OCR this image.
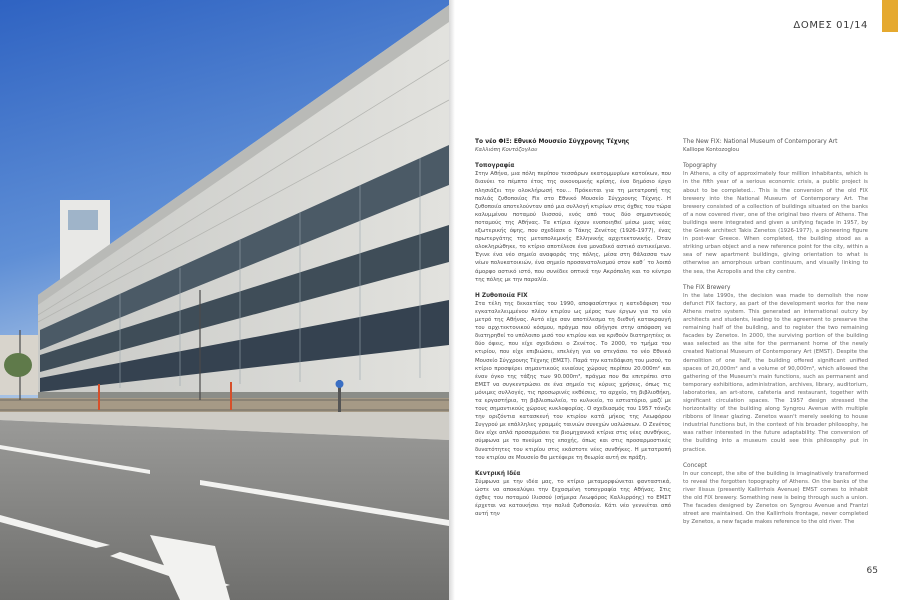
ΔΟΜΕΣ 01/14
Το νέο ΦΙΞ: Εθνικό Μουσείο Σύγχρονης Τέχνης
Καλλιόπη Κοντόζογλου
Τοπογραφία

Στην Αθήνα, μια πόλη περίπου τεσσάρων εκατομμυρίων κατοίκων, που διανύει το πέμπτο έτος της οικονομικής κρίσης, ένα δημόσιο έργο πλησιάζει την ολοκλήρωσή του... Πρόκειται για τη μετατροπή της παλιάς ζυθοποιίας Fix στο Εθνικό Μουσείο Σύγχρονης Τέχνης. Η ζυθοποιία αποτελούνταν από μια συλλογή κτιρίων στις όχθες του τώρα καλυμμένου ποταμού Ιλισσού, ενός από τους δύο σημαντικούς ποταμούς της Αθήνας. Τα κτίρια έχουν ενοποιηθεί μέσω μιας νέας εξωτερικής όψης, που σχεδίασε ο Τάκης Ζενέτος (1926-1977), ένας πρωτεργάτης της μεταπολεμικής Ελληνικής αρχιτεκτονικής. Όταν ολοκληρώθηκε, το κτίριο αποτέλεσε ένα μοναδικό αστικό αντικείμενο. Έγινε ένα νέο σημείο αναφοράς της πόλης, μέσα στη θάλασσα των νέων πολυκατοικιών, ένα σημείο προσανατολισμού στον καθ΄ το λοιπό άμορφο αστικό ιστό, που συνέδεε οπτικά την Ακρόπολη και το κέντρο της πόλης με την παραλία.

Η Ζυθοποιία FIX

Στα τέλη της δεκαετίας του 1990, αποφασίστηκε η κατεδάφιση του εγκαταλελειμμένου πλέον κτιρίου ως μέρος των έργων για το νέο μετρό της Αθήνας. Αυτό είχε σαν αποτέλεσμα τη διεθνή κατακραυγή του αρχιτεκτονικού κόσμου, πράγμα που οδήγησε στην απόφαση να διατηρηθεί το υπόλοιπο μισό του κτιρίου και να κριθούν διατηρητέες οι δύο όψεις, που είχε σχεδιάσει ο Ζενέτος. Το 2000, το τμήμα του κτιρίου, που είχε επιβιώσει, επελέγη για να στεγάσει το νέο Εθνικό Μουσείο Σύγχρονης Τέχνης (ΕΜΣΤ). Παρά την κατεδάφιση του μισού, το κτίριο προσφέρει σημαντικούς ενιαίους χώρους περίπου 20.000m² και έναν όγκο της τάξης των 90.000m³, πράγμα που θα επιτρέπει στο ΕΜΣΤ να συγκεντρώσει σε ένα σημείο τις κύριες χρήσεις, όπως τις μόνιμες συλλογές, τις προσωρινές εκθέσεις, το αρχείο, τη βιβλιοθήκη, τα εργαστήρια, τη βιβλιοπωλείο, το κυλικείο, το εστιατόριο, μαζί με τους σημαντικούς χώρους κυκλοφορίας. Ο σχεδιασμός του 1957 τόνιζε την οριζόντια κατασκευή του κτιρίου κατά μήκος της Λεωφόρου Συγγρού με επάλληλες γραμμές ταινιών συνεχών υαλώσεων. Ο Ζενέτος δεν είχε απλά προσαρμόσει τα βιομηχανικά κτίρια στις νέες συνθήκες, σύμφωνα με το πνεύμα της εποχής, όπως και στις προσαρμοστικές δυνατότητες του κτιρίου στις εκάστοτε νέες συνθήκες. Η μετατροπή του κτιρίου σε Μουσείο θα μετέφερε τη θεωρία αυτή σε πράξη.

Κεντρική Ιδέα

Σύμφωνα με την ιδέα μας, το κτίριο μεταμορφώνεται φανταστικά, ώστε να αποκαλύψει την ξεχασμένη τοπογραφία της Αθήνας. Στις όχθες του ποταμού Ιλισσού (σήμερα Λεωφόρος Καλλιρρόης) το ΕΜΣΤ έρχεται να κατοικήσει την παλιά ζυθοποιία. Κάτι νέο γεννιέται από αυτή την

The New FIX: National Museum of Contemporary Art
Kalliope Kontozoglou
Topography

In Athens, a city of approximately four million inhabitants, which is in the fifth year of a serious economic crisis, a public project is about to be completed... This is the conversion of the old FIX brewery into the National Museum of Contemporary Art. The brewery consisted of a collection of buildings situated on the banks of a now covered river, one of the original two rivers of Athens. The buildings were integrated and given a unifying façade in 1957, by the Greek architect Takis Zenetos (1926-1977), a pioneering figure in post-war Greece. When completed, the building stood as a striking urban object and a new reference point for the city, within a sea of new apartment buildings, giving orientation to what is otherwise an amorphous urban continuum, and visually linking to the sea, the Acropolis and the city centre.

The FIX Brewery

In the late 1990s, the decision was made to demolish the now defunct FIX factory, as part of the development works for the new Athens metro system. This generated an international outcry by architects and students, leading to the agreement to preserve the remaining half of the building, and to register the two remaining facades by Zenetos. In 2000, the surviving portion of the building was selected as the site for the permanent home of the newly created National Museum of Contemporary Art (EMST). Despite the demolition of one half, the building offered significant unified spaces of 20,000m² and a volume of 90,000m³, which allowed the gathering of the Museum's main functions, such as permanent and temporary exhibitions, administration, archives, library, auditorium, laboratories, an art-store, cafeteria and restaurant, together with significant circulation spaces. The 1957 design stressed the horizontality of the building along Syngrou Avenue with multiple ribbons of linear glazing. Zenetos wasn't merely seeking to house industrial functions but, in the context of his broader philosophy, he was rather interested in the future adaptability. The conversion of the building into a museum could see this philosophy put in practice.

Concept

In our concept, the site of the building is imaginatively transformed to reveal the forgotten topography of Athens. On the banks of the river Ilissus (presently Kallirrhois Avenue) EMST comes to inhabit the old FIX brewery. Something new is being through such a union. The facades designed by Zenetos on Syngrou Avenue and Frantzi street are maintained. On the Kallirrhois frontage, never completed by Zenetos, a new façade makes reference to the old river. The

65
